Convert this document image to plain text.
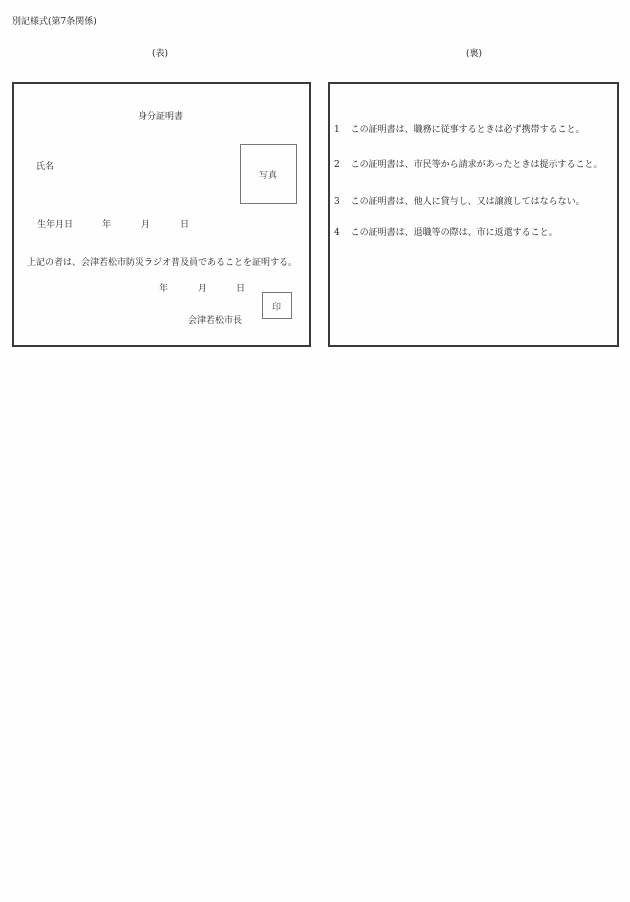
別記様式(第7条関係)
(表)	(裏)
身分証明書
氏名
写真
生年月日	年	月	日
上記の者は、会津若松市防災ラジオ普及員であることを証明する。
年	月	日
会津若松市長
印
1 この証明書は、職務に従事するときは必ず携帯すること。
2 この証明書は、市民等から請求があったときは提示すること。
3 この証明書は、他人に貸与し、又は譲渡してはならない。
4 この証明書は、退職等の際は、市に返還すること。
